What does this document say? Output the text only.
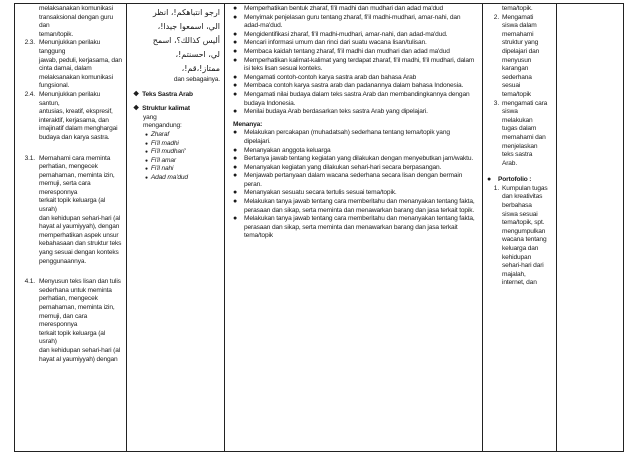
melaksanakan komunikasi
transaksional dengan guru dan
teman/topik.
2.3. Menunjukkan perilaku tanggung
jawab, peduli, kerjasama, dan
cinta damai, dalam
melaksanakan komunikasi
fungsional.
2.4. Menunjukkan perilaku santun,
antusias, kreatif, ekspresif,
interaktif, kerjasama, dan
imajinatif dalam menghargai
budaya dan karya sastra.
3.1. Memahami cara meminta
perhatian, mengecek
pemahaman, meminta izin,
memuji, serta cara meresponnya
terkait topik keluarga (al usrah)
dan kehidupan sehari-hari (al
hayat al yaumiyyah), dengan
memperhatikan aspek unsur
kebahasaan dan struktur teks
yang sesuai dengan konteks
penggunaannya.
4.1. Menyusun teks lisan dan tulis
sederhana untuk meminta
perhatian, mengecek
pemahaman, meminta izin,
memuji, dan cara meresponnya
terkait topik keluarga (al usrah)
dan kehidupan sehari-hari (al
hayat al yaumiyyah) dengan

ارجو انتباهكم!، انظر
الي، اسمعوا جيدا!،
أليس كذالك؟، اسمح
لي، احسنتم!،
ممتاز!،قم!،
dan sebagainya.
❖ Teks Sastra Arab
❖ Struktur kalimat
yang
mengandung:
● Zharaf
● Fi'il madhi
● Fi'il mudhari'
● Fi'il amar
● Fi'il nahi
● Adad ma'dud

● Memperhatikan bentuk zharaf, fi'il madhi dan mudhari dan adad ma'dud
● Menyimak penjelasan guru tentang zharaf, fi'il madhi-mudhari, amar-nahi, dan adad-ma'dud.
● Mengidentifikasi zharaf, fi'il madhi-mudhari, amar-nahi, dan adad-ma'dud.
● Mencari informasi umum dan rinci dari suatu wacana lisan/tulisan.
● Membaca kaidah tentang zharaf, fi'il madhi dan mudhari dan adad ma'dud
● Memperhatikan kalimat-kalimat yang terdapat zharaf, fi'il madhi, fi'il mudhari, dalam isi teks lisan sesuai konteks.
● Mengamati contoh-contoh karya sastra arab dan bahasa Arab
● Membaca contoh karya sastra arab dan padanannya dalam bahasa Indonesia.
● Mengamati nilai budaya dalam teks sastra Arab dan membandingkannya dengan budaya Indonesia.
● Menilai budaya Arab berdasarkan teks sastra Arab yang dipelajari.
Menanya:
● Melakukan percakapan (muhadatsah) sederhana tentang tema/topik yang dipelajari.
● Menanyakan anggota keluarga
● Bertanya jawab tentang kegiatan yang dilakukan dengan menyebutkan jam/waktu.
● Menanyakan kegiatan yang dilakukan sehari-hari secara berpasangan.
● Menjawab pertanyaan dalam wacana sederhana secara lisan dengan bermain peran.
● Menanyakan sesuatu secara tertulis sesuai tema/topik.
● Melakukan tanya jawab tentang cara memberitahu dan menanyakan tentang fakta, perasaan dan sikap, serta meminta dan menawarkan barang dan jasa terkait topik.
● Melakukan tanya jawab tentang cara memberitahu dan menanyakan tentang fakta, perasaan dan sikap, serta meminta dan menawarkan barang dan jasa terkait tema/topik

tema/topik.
2. Mengamati
siswa dalam
memahami
struktur yang
dipelajari dan
menyusun
karangan
sederhana
sesuai
tema/topik
3. mengamati cara
siswa
melakukan
tugas dalam
memahami dan
menjelaskan
teks sastra
Arab.
● Portofolio :
1. Kumpulan tugas
dan kreativitas
berbahasa
siswa sesuai
tema/topik, spt.
mengumpulkan
wacana tentang
keluarga dan
kehidupan
sehari-hari dari
majalah,
internet, dan
